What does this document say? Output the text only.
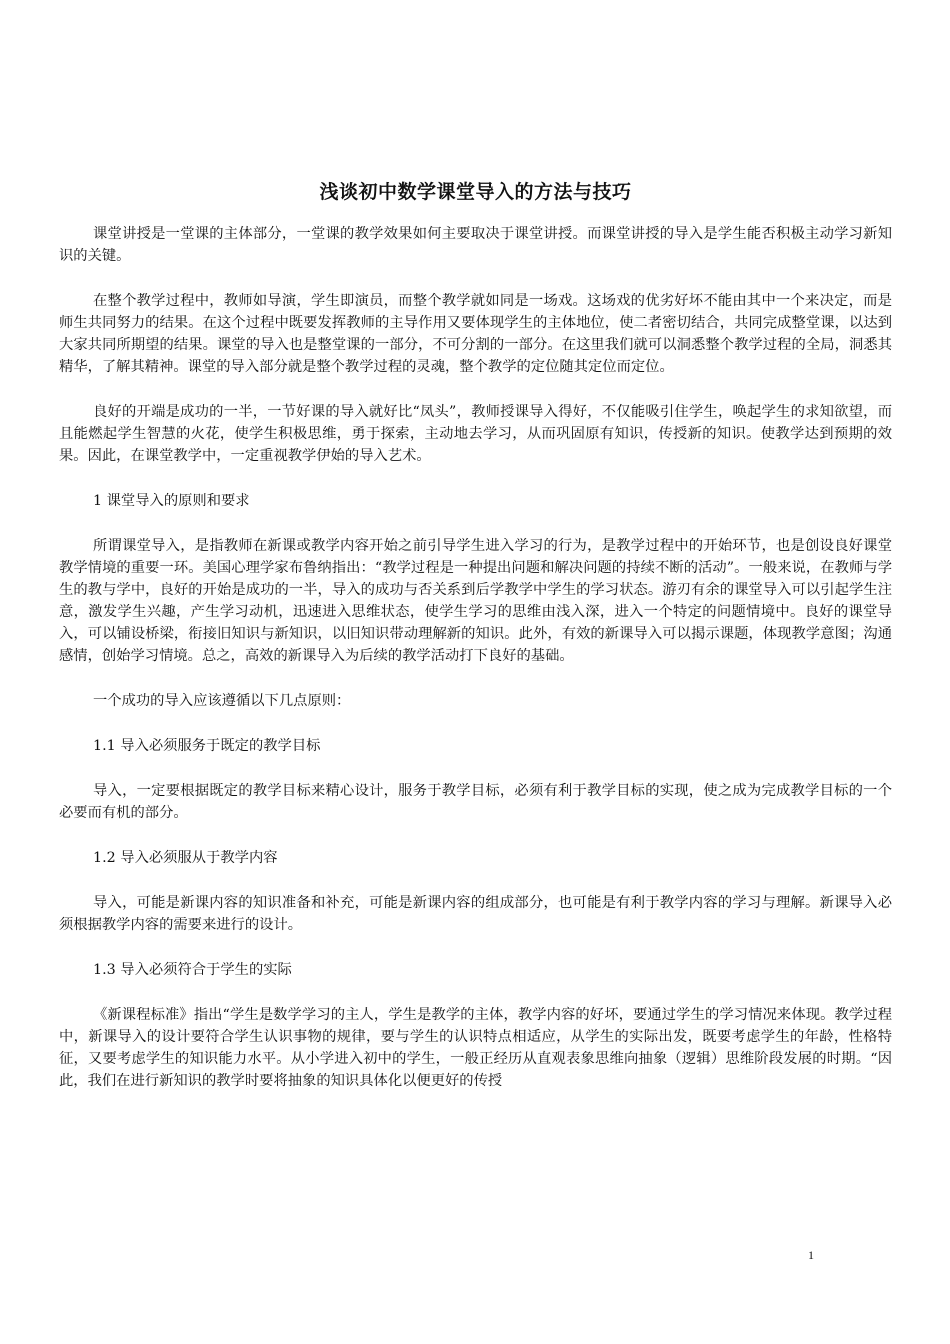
浅谈初中数学课堂导入的方法与技巧

课堂讲授是一堂课的主体部分，一堂课的教学效果如何主要取决于课堂讲授。而课堂讲授的导入是学生能否积极主动学习新知识的关键。

在整个教学过程中，教师如导演，学生即演员，而整个教学就如同是一场戏。这场戏的优劣好坏不能由其中一个来决定，而是师生共同努力的结果。在这个过程中既要发挥教师的主导作用又要体现学生的主体地位，使二者密切结合，共同完成整堂课，以达到大家共同所期望的结果。课堂的导入也是整堂课的一部分，不可分割的一部分。在这里我们就可以洞悉整个教学过程的全局，洞悉其精华，了解其精神。课堂的导入部分就是整个教学过程的灵魂，整个教学的定位随其定位而定位。

良好的开端是成功的一半，一节好课的导入就好比“凤头”，教师授课导入得好，不仅能吸引住学生，唤起学生的求知欲望，而且能燃起学生智慧的火花，使学生积极思维，勇于探索，主动地去学习，从而巩固原有知识，传授新的知识。使教学达到预期的效果。因此，在课堂教学中，一定重视教学伊始的导入艺术。

1 课堂导入的原则和要求

所谓课堂导入，是指教师在新课或教学内容开始之前引导学生进入学习的行为，是教学过程中的开始环节，也是创设良好课堂教学情境的重要一环。美国心理学家布鲁纳指出：“教学过程是一种提出问题和解决问题的持续不断的活动”。一般来说，在教师与学生的教与学中，良好的开始是成功的一半，导入的成功与否关系到后学教学中学生的学习状态。游刃有余的课堂导入可以引起学生注意，激发学生兴趣，产生学习动机，迅速进入思维状态，使学生学习的思维由浅入深，进入一个特定的问题情境中。良好的课堂导入，可以铺设桥梁，衔接旧知识与新知识，以旧知识带动理解新的知识。此外，有效的新课导入可以揭示课题，体现教学意图；沟通感情，创始学习情境。总之，高效的新课导入为后续的教学活动打下良好的基础。

一个成功的导入应该遵循以下几点原则：

1.1 导入必须服务于既定的教学目标

导入，一定要根据既定的教学目标来精心设计，服务于教学目标，必须有利于教学目标的实现，使之成为完成教学目标的一个必要而有机的部分。

1.2 导入必须服从于教学内容

导入，可能是新课内容的知识准备和补充，可能是新课内容的组成部分，也可能是有利于教学内容的学习与理解。新课导入必须根据教学内容的需要来进行的设计。

1.3 导入必须符合于学生的实际

《新课程标准》指出“学生是数学学习的主人，学生是教学的主体，教学内容的好坏，要通过学生的学习情况来体现。教学过程中，新课导入的设计要符合学生认识事物的规律，要与学生的认识特点相适应，从学生的实际出发，既要考虑学生的年龄，性格特征，又要考虑学生的知识能力水平。从小学进入初中的学生，一般正经历从直观表象思维向抽象（逻辑）思维阶段发展的时期。“因此，我们在进行新知识的教学时要将抽象的知识具体化以便更好的传授

1
